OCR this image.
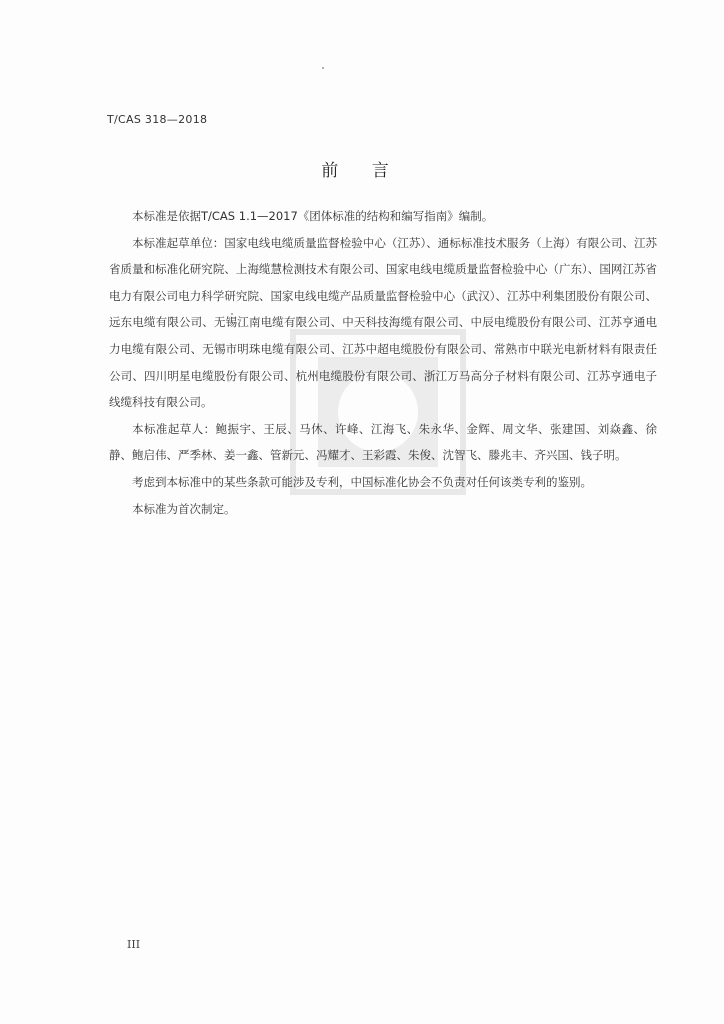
T/CAS 318—2018
前 言

本标准是依据T/CAS 1.1—2017《团体标准的结构和编写指南》编制。

本标准起草单位：国家电线电缆质量监督检验中心（江苏）、通标标准技术服务（上海）有限公司、江苏省质量和标准化研究院、上海缆慧检测技术有限公司、国家电线电缆质量监督检验中心（广东）、国网江苏省电力有限公司电力科学研究院、国家电线电缆产品质量监督检验中心（武汉）、江苏中利集团股份有限公司、远东电缆有限公司、无锡江南电缆有限公司、中天科技海缆有限公司、中辰电缆股份有限公司、江苏亨通电力电缆有限公司、无锡市明珠电缆有限公司、江苏中超电缆股份有限公司、常熟市中联光电新材料有限责任公司、四川明星电缆股份有限公司、杭州电缆股份有限公司、浙江万马高分子材料有限公司、江苏亨通电子线缆科技有限公司。

本标准起草人：鲍振宇、王辰、马休、许峰、江海飞、朱永华、金辉、周文华、张建国、刘焱鑫、徐静、鲍启伟、严季林、姜一鑫、管新元、冯耀才、王彩霞、朱俊、沈智飞、滕兆丰、齐兴国、钱子明。

考虑到本标准中的某些条款可能涉及专利，中国标准化协会不负责对任何该类专利的鉴别。

本标准为首次制定。

III
